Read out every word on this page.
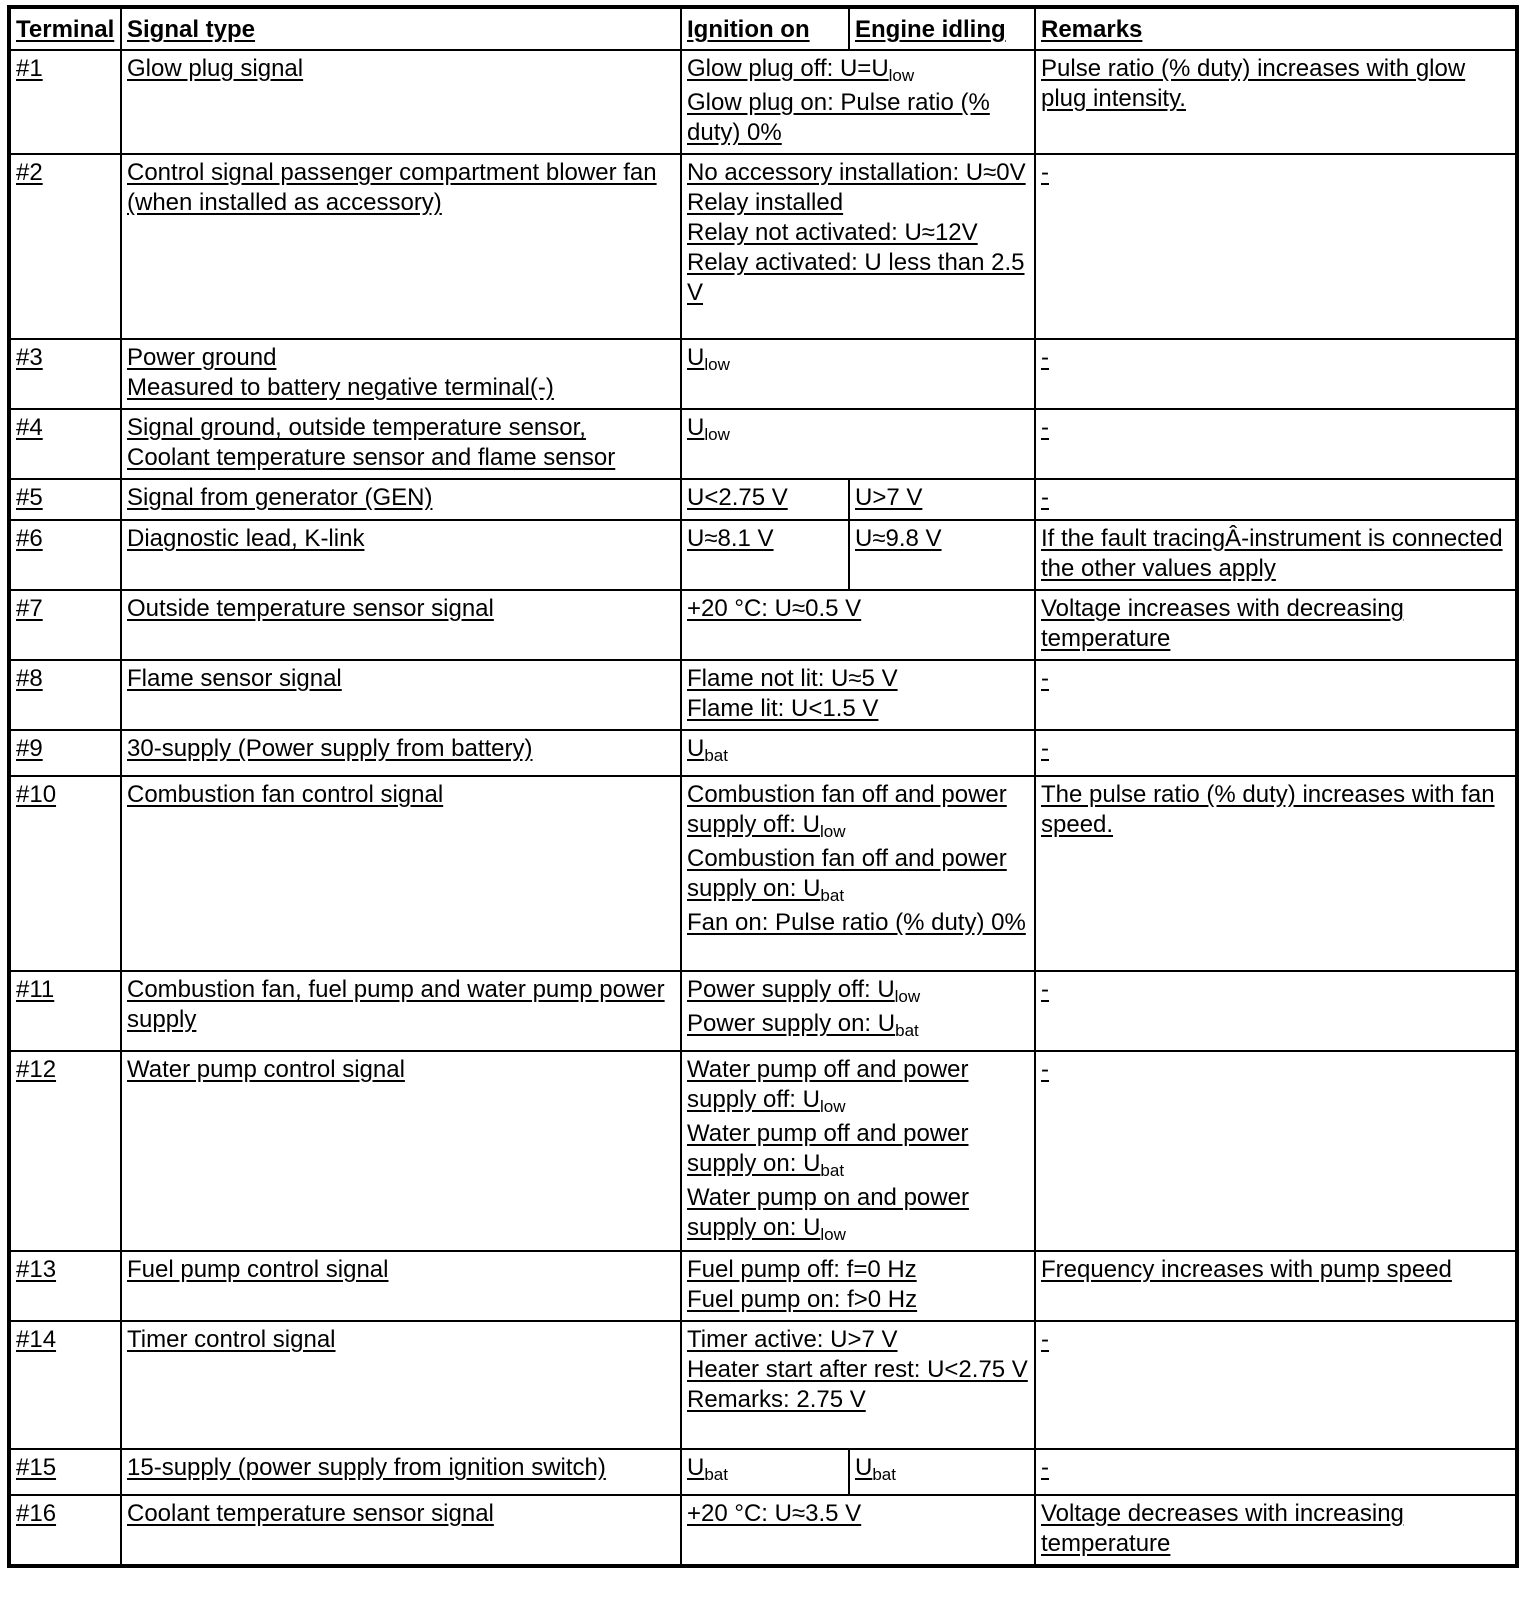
Terminal	Signal type	Ignition on	Engine idling	Remarks

#1	Glow plug signal	Glow plug off: $U=U_{low}$
Glow plug on: Pulse ratio (% duty) 0%		Pulse ratio (% duty) increases with glow plug intensity.

#2	Control signal passenger compartment blower fan (when installed as accessory)	No accessory installation: U≈0V
Relay installed
Relay not activated: U≈12V
Relay activated: U less than 2.5 V		-

#3	Power ground
Measured to battery negative terminal(-)	$U_{low}$		-

#4	Signal ground, outside temperature sensor, Coolant temperature sensor and flame sensor	$U_{low}$		-

#5	Signal from generator (GEN)	U<2.75 V	U>7 V	-

#6	Diagnostic lead, K-link	U≈8.1 V	U≈9.8 V	If the fault tracingÂ-instrument is connected the other values apply

#7	Outside temperature sensor signal	+20 °C: U≈0.5 V		Voltage increases with decreasing temperature

#8	Flame sensor signal	Flame not lit: U≈5 V
Flame lit: U<1.5 V		-

#9	30-supply (Power supply from battery)	$U_{bat}$		-

#10	Combustion fan control signal	Combustion fan off and power supply off: $U_{low}$
Combustion fan off and power supply on: $U_{bat}$
Fan on: Pulse ratio (% duty) 0%		The pulse ratio (% duty) increases with fan speed.

#11	Combustion fan, fuel pump and water pump power supply	Power supply off: $U_{low}$
Power supply on: $U_{bat}$		-

#12	Water pump control signal	Water pump off and power supply off: $U_{low}$
Water pump off and power supply on: $U_{bat}$
Water pump on and power supply on: $U_{low}$		-

#13	Fuel pump control signal	Fuel pump off: f=0 Hz
Fuel pump on: f>0 Hz		Frequency increases with pump speed

#14	Timer control signal	Timer active: U>7 V
Heater start after rest: U<2.75 V
Remarks: 2.75 V		-

#15	15-supply (power supply from ignition switch)	$U_{bat}$	$U_{bat}$	-

#16	Coolant temperature sensor signal	+20 °C: U≈3.5 V		Voltage decreases with increasing temperature
